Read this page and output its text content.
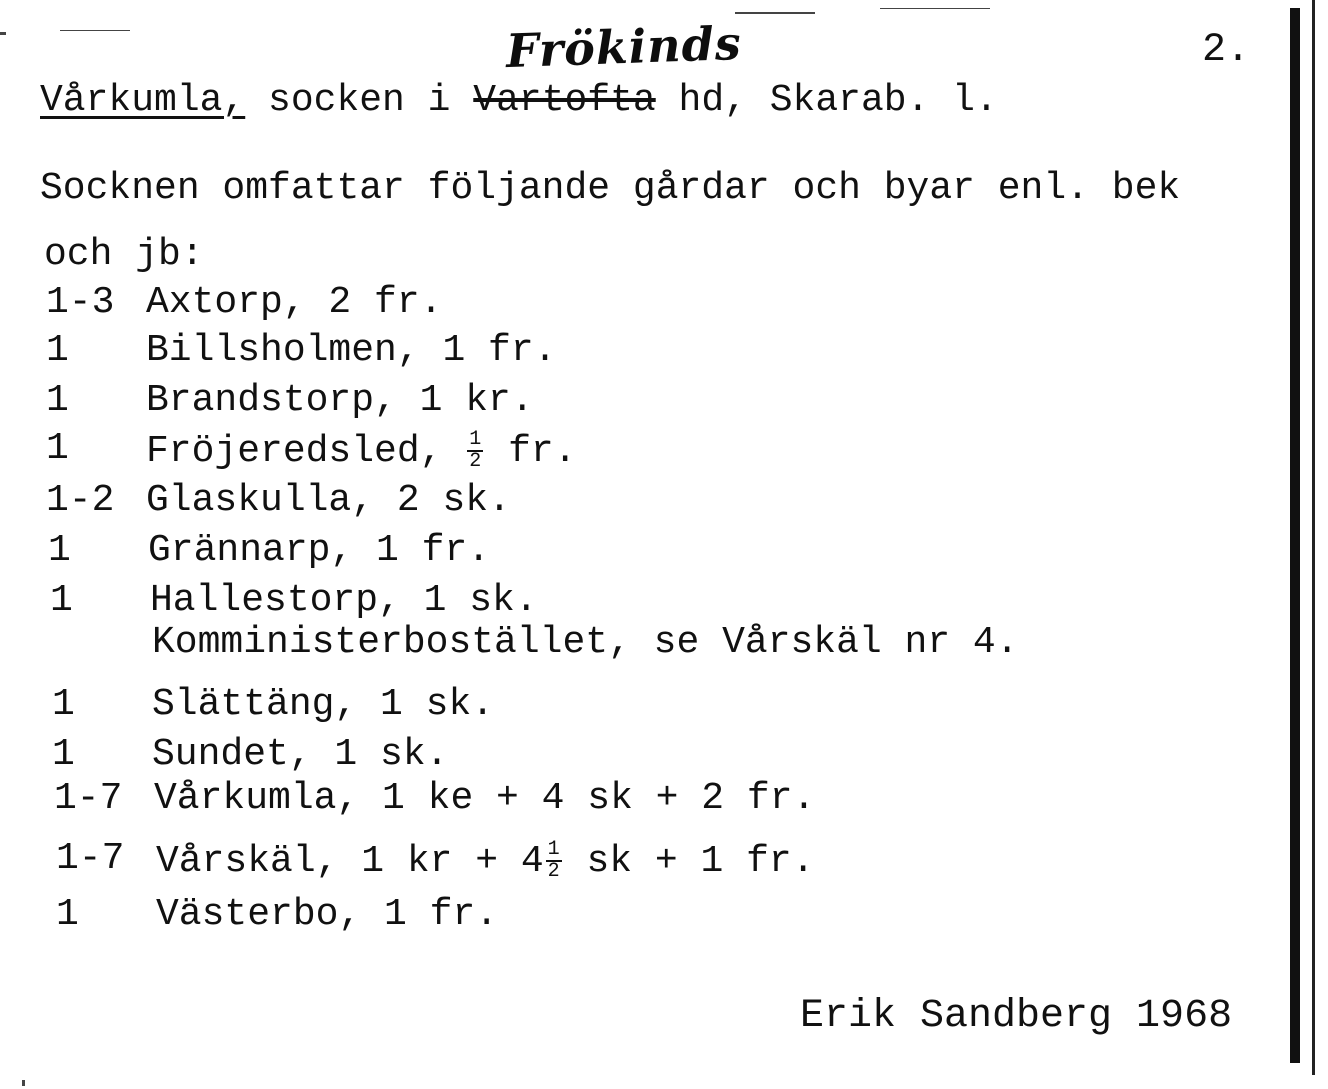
2.
Frökinds
Vårkumla, socken i Vartofta hd, Skarab. l.
Socknen omfattar följande gårdar och byar enl. bek
och jb:

1-3

Axtorp, 2 fr.

1

Billsholmen, 1 fr.

1

Brandstorp, 1 kr.

1

Fröjeredsled, $\frac{1}{2}$ fr.

1-2

Glaskulla, 2 sk.

1

Grännarp, 1 fr.

1

Hallestorp, 1 sk.

Komministerbostället, se Vårskäl nr 4.

1

Slättäng, 1 sk.

1

Sundet, 1 sk.

1-7

Vårkumla, 1 ke + 4 sk + 2 fr.

1-7

Vårskäl, 1 kr + $4 \frac{1}{2}$ sk + 1 fr.

1

Västerbo, 1 fr.

Erik Sandberg 1968
